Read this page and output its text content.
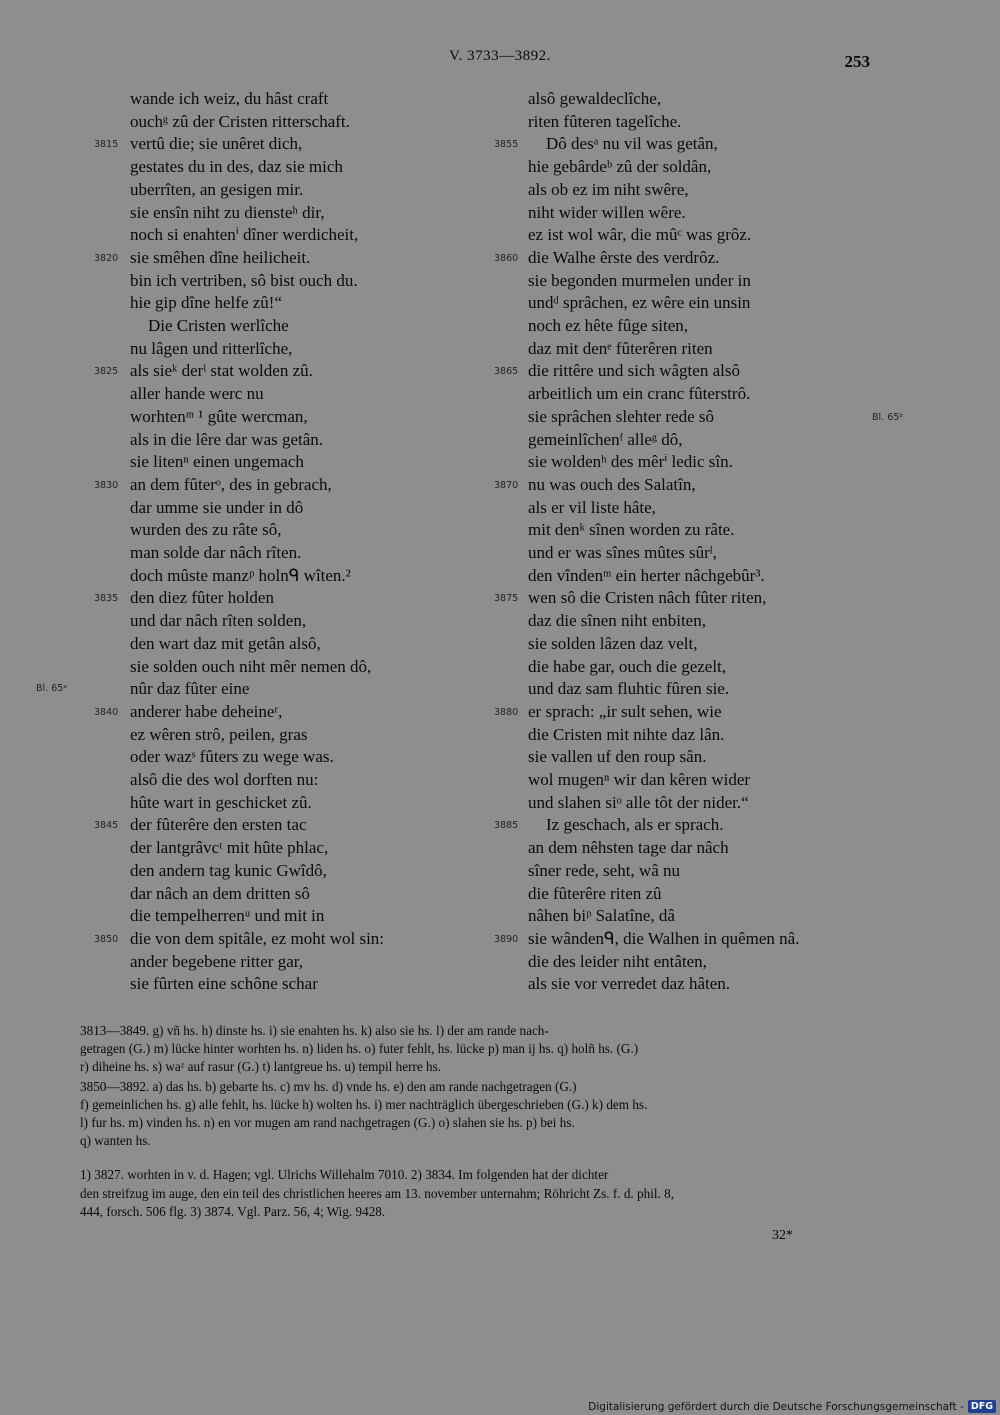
V. 3733—3892.	253
wande ich weiz, du hâst craft
ouchᵍ zû der Cristen ritterschaft.
vertû die; sie unêret dich,
gestates du in des, daz sie mich
uberrîten, an gesigen mir.
sie ensîn niht zu diensteʰ dir,
noch si enahtenⁱ dîner werdicheit,
sie smêhen dîne heilicheit.
bin ich vertriben, sô bist ouch du.
hie gip dîne helfe zû!“
Die Cristen werlîche
nu lâgen und ritterlîche,
als sieᵏ derˡ stat wolden zû.
aller hande werc nu
worhtenᵐ ¹ gûte wercman,
als in die lêre dar was getân.
sie litenⁿ einen ungemach
an dem fûterᵒ, des in gebrach,
dar umme sie under in dô
wurden des zu râte sô,
man solde dar nâch rîten.
doch mûste manzᵖ holnᑫ wîten.²
den diez fûter holden
und dar nâch rîten solden,
den wart daz mit getân alsô,
sie solden ouch niht mêr nemen dô,
nûr daz fûter eine
anderer habe deheineʳ,
ez wêren strô, peilen, gras
oder wazˢ fûters zu wege was.
alsô die des wol dorften nu:
hûte wart in geschicket zû.
der fûterêre den ersten tac
der lantgrâvcᵗ mit hûte phlac,
den andern tag kunic Gwîdô,
dar nâch an dem dritten sô
die tempelherrenᵘ und mit in
die von dem spitâle, ez moht wol sin:
ander begebene ritter gar,
sie fûrten eine schône schar
3815
3820
3825
3830
3835
3840
3845
3850
alsô gewaldeclîche,
riten fûteren tagelîche.
Dô desᵃ nu vil was getân,
hie gebârdeᵇ zû der soldân,
als ob ez im niht swêre,
niht wider willen wêre.
ez ist wol wâr, die mûᶜ was grôz.
die Walhe êrste des verdrôz.
sie begonden murmelen under in
undᵈ sprâchen, ez wêre ein unsin
noch ez hête fûge siten,
daz mit denᵉ fûterêren riten
die rittêre und sich wâgten alsô
arbeitlich um ein cranc fûterstrô.
sie sprâchen slehter rede sô
gemeinlîchenᶠ alleᵍ dô,
sie woldenʰ des mêrⁱ ledic sîn.
nu was ouch des Salatîn,
als er vil liste hâte,
mit denᵏ sînen worden zu râte.
und er was sînes mûtes sûrˡ,
den vîndenᵐ ein herter nâchgebûr³.
wen sô die Cristen nâch fûter riten,
daz die sînen niht enbiten,
sie solden lâzen daz velt,
die habe gar, ouch die gezelt,
und daz sam fluhtic fûren sie.
er sprach: „ir sult sehen, wie
die Cristen mit nihte daz lân.
sie vallen uf den roup sân.
wol mugenⁿ wir dan kêren wider
und slahen siᵒ alle tôt der nider.“
Iz geschach, als er sprach.
an dem nêhsten tage dar nâch
sîner rede, seht, wâ nu
die fûterêre riten zû
nâhen biᵖ Salatîne, dâ
sie wândenᑫ, die Walhen in quêmen nâ.
die des leider niht entâten,
als sie vor verredet daz hâten.
3855
3860
3865
3870
3875
3880
3885
3890
Bl. 65ᵃ
Bl. 65ᵇ
3813—3849. g) vñ hs. h) dinste hs. i) sie enahten hs. k) also sie hs. l) der am rande nach-
getragen (G.) m) lücke hinter worhten hs. n) liden hs. o) futer fehlt, hs. lücke p) man ij hs. q) holñ hs. (G.)
r) diheine hs. s) waᶻ auf rasur (G.) t) lantgreue hs. u) tempil herre hs.
3850—3892. a) das hs. b) gebarte hs. c) mv hs. d) vnde hs. e) den am rande nachgetragen (G.)
f) gemeinlichen hs. g) alle fehlt, hs. lücke h) wolten hs. i) mer nachträglich übergeschrieben (G.) k) dem hs.
l) fur hs. m) vinden hs. n) en vor mugen am rand nachgetragen (G.) o) slahen sie hs. p) bei hs.
q) wanten hs.
1) 3827. worhten in v. d. Hagen; vgl. Ulrichs Willehalm 7010. 2) 3834. Im folgenden hat der dichter
den streifzug im auge, den ein teil des christlichen heeres am 13. november unternahm; Röhricht Zs. f. d. phil. 8,
444, forsch. 506 flg. 3) 3874. Vgl. Parz. 56, 4; Wig. 9428.
32*
Digitalisierung gefördert durch die Deutsche Forschungsgemeinschaft - DFG
